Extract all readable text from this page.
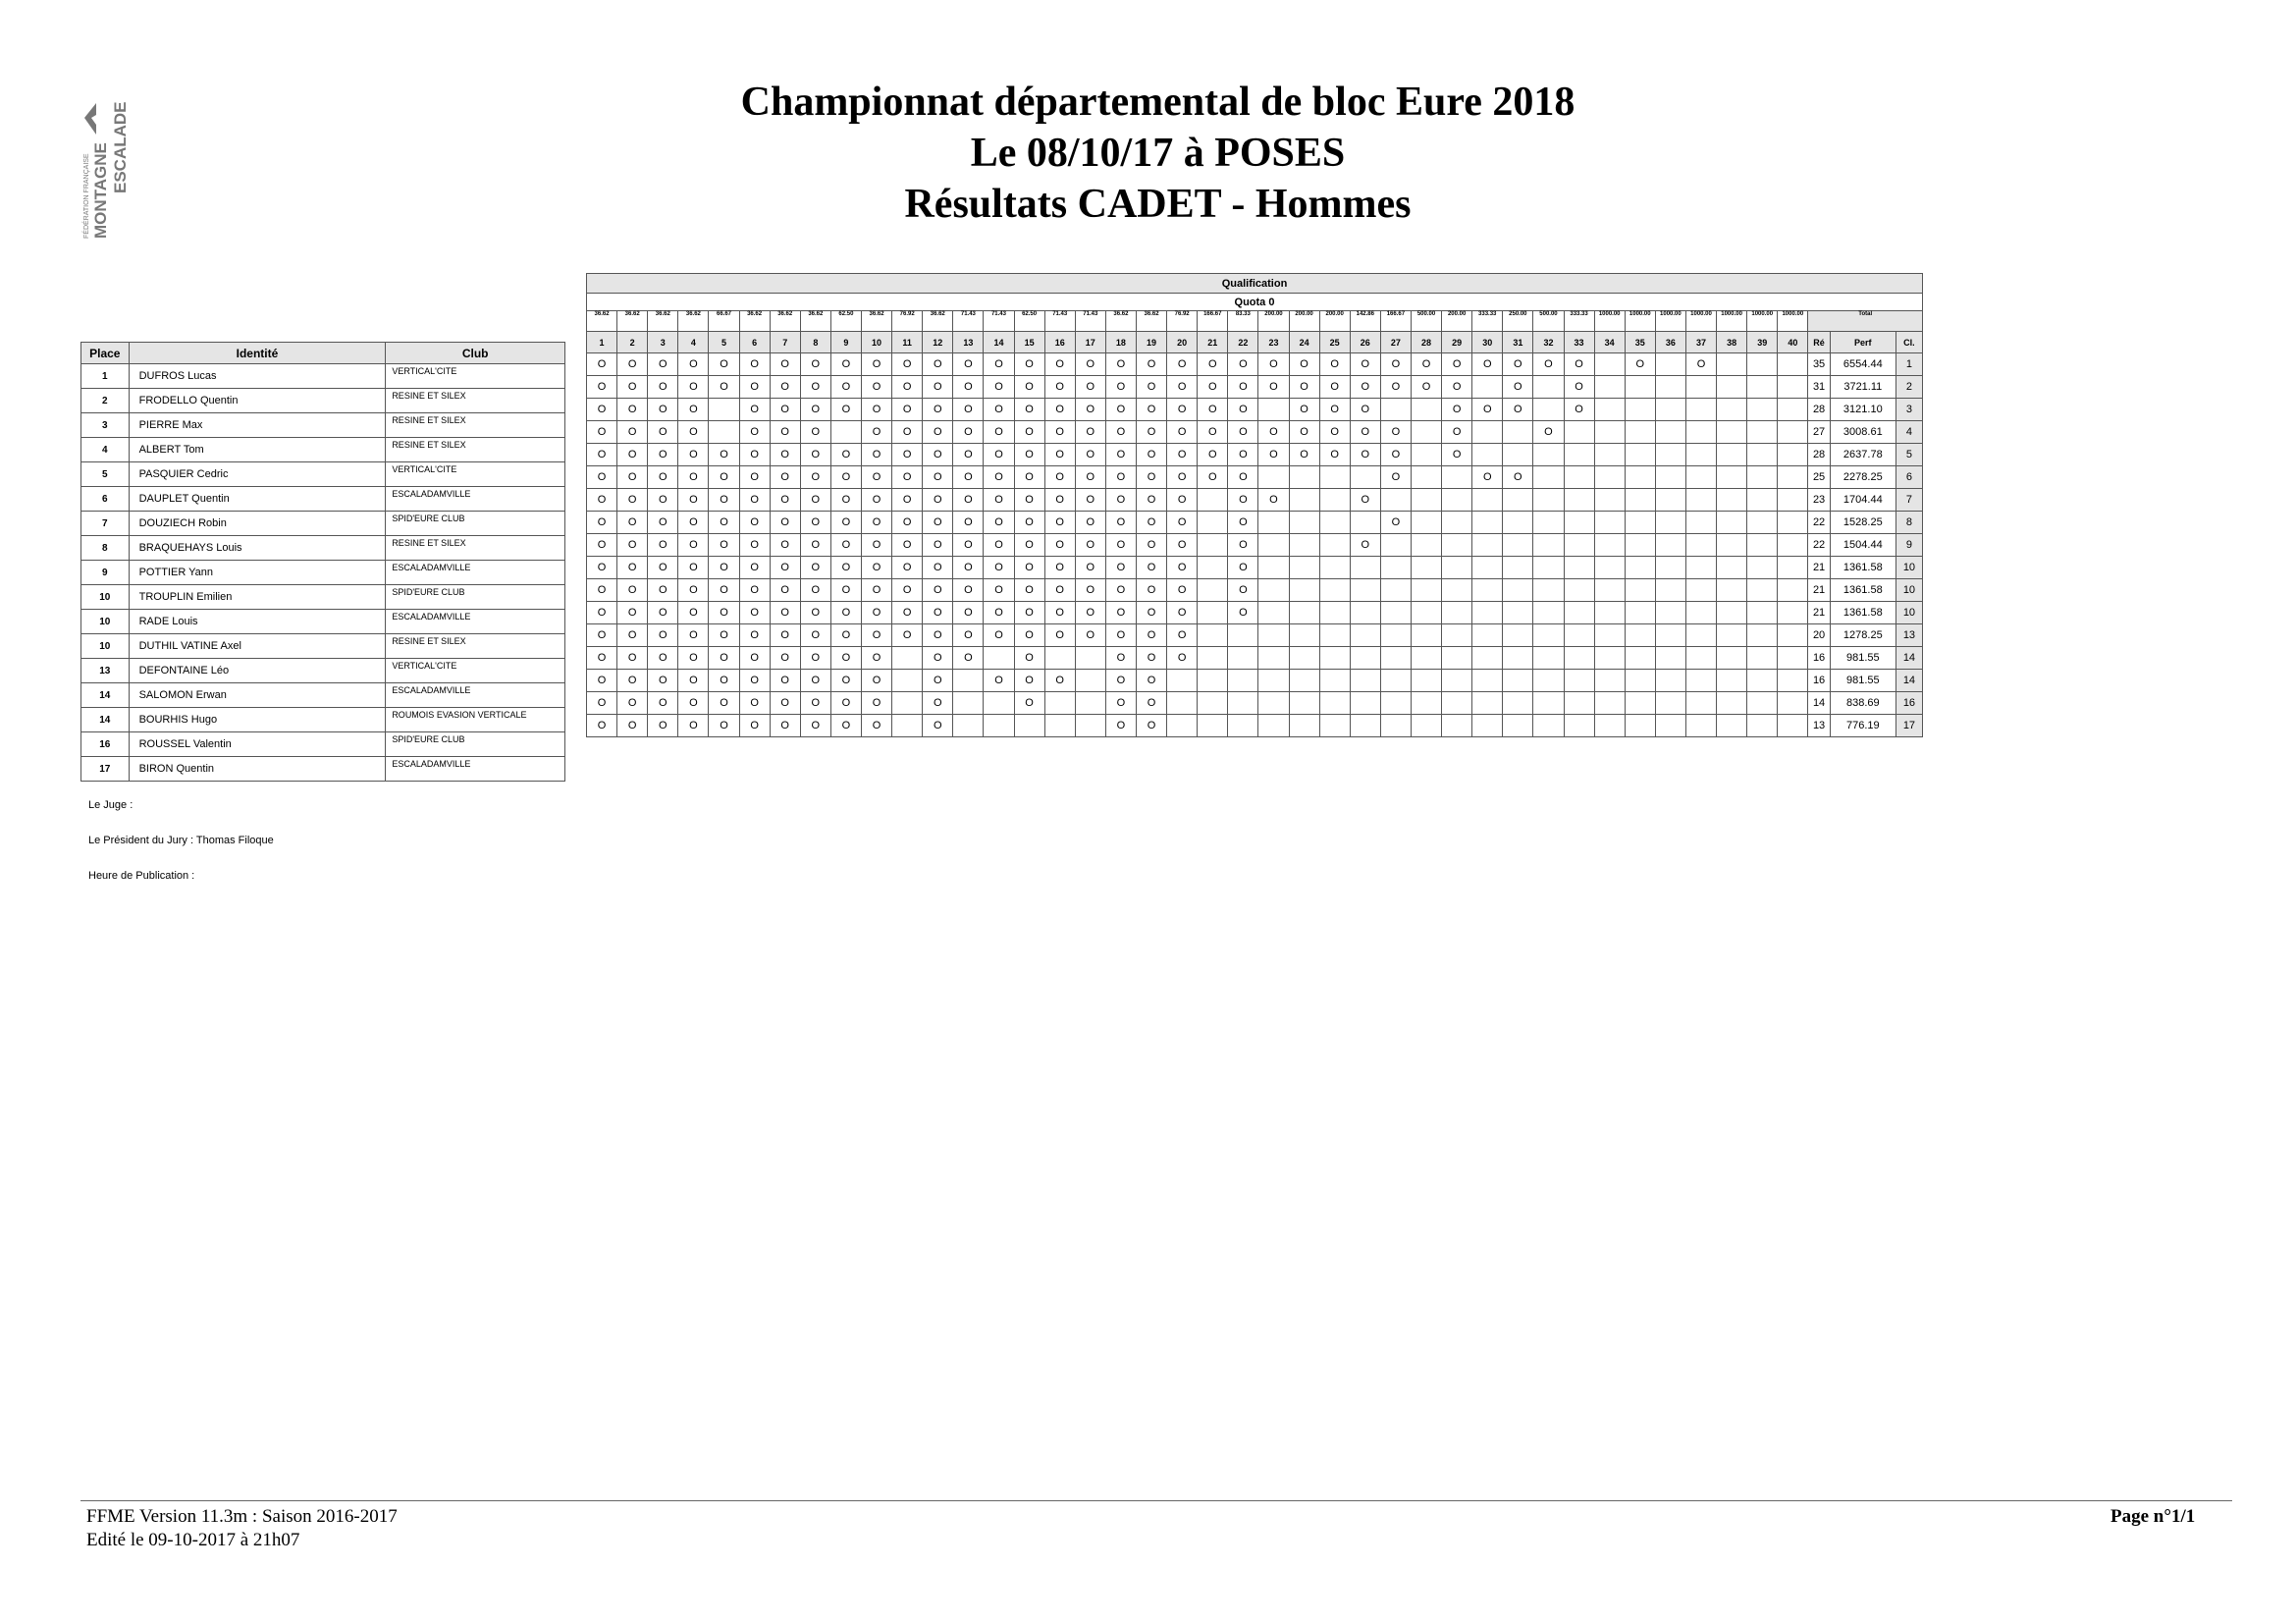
FÉDÉRATION FRANÇAISE MONTAGNE ESCALADE	Championnat départemental de bloc Eure 2018
Le 08/10/17 à POSES
Résultats CADET - Hommes
Place	Identité	Club
1	DUFROS Lucas	VERTICAL'CITE
2	FRODELLO Quentin	RESINE ET SILEX
3	PIERRE Max	RESINE ET SILEX
4	ALBERT Tom	RESINE ET SILEX
5	PASQUIER Cedric	VERTICAL'CITE
6	DAUPLET Quentin	ESCALADAMVILLE
7	DOUZIECH Robin	SPID'EURE CLUB
8	BRAQUEHAYS Louis	RESINE ET SILEX
9	POTTIER Yann	ESCALADAMVILLE
10	TROUPLIN Emilien	SPID'EURE CLUB
10	RADE Louis	ESCALADAMVILLE
10	DUTHIL VATINE Axel	RESINE ET SILEX
13	DEFONTAINE Léo	VERTICAL'CITE
14	SALOMON Erwan	ESCALADAMVILLE
14	BOURHIS Hugo	ROUMOIS EVASION VERTICALE
16	ROUSSEL Valentin	SPID'EURE CLUB
17	BIRON Quentin	ESCALADAMVILLE
Qualification																																										
Quota 0																																										
36.62	36.62	36.62	36.62	66.67	36.62	36.62	36.62	62.50	36.62	76.92	36.62	71.43	71.43	62.50	71.43	71.43	36.62	36.62	76.92	166.67	83.33	200.00	200.00	200.00	142.86	166.67	500.00	200.00	333.33	250.00	500.00	333.33	1000.00	1000.00	1000.00	1000.00	1000.00	1000.00	1000.00	Total		
1	2	3	4	5	6	7	8	9	10	11	12	13	14	15	16	17	18	19	20	21	22	23	24	25	26	27	28	29	30	31	32	33	34	35	36	37	38	39	40	Ré	Perf	Cl.
O	O	O	O	O	O	O	O	O	O	O	O	O	O	O	O	O	O	O	O	O	O	O	O	O	O	O	O	O	O	O	O	O		O		O				35	6554.44	1
O	O	O	O	O	O	O	O	O	O	O	O	O	O	O	O	O	O	O	O	O	O	O	O	O	O	O	O	O		O		O								31	3721.11	2
O	O	O	O		O	O	O	O	O	O	O	O	O	O	O	O	O	O	O	O	O		O	O	O			O	O	O		O								28	3121.10	3
O	O	O	O		O	O	O		O	O	O	O	O	O	O	O	O	O	O	O	O	O	O	O	O	O		O			O									27	3008.61	4
O	O	O	O	O	O	O	O	O	O	O	O	O	O	O	O	O	O	O	O	O	O	O	O	O	O	O		O												28	2637.78	5
O	O	O	O	O	O	O	O	O	O	O	O	O	O	O	O	O	O	O	O	O	O					O			O	O										25	2278.25	6
O	O	O	O	O	O	O	O	O	O	O	O	O	O	O	O	O	O	O	O		O	O			O															23	1704.44	7
O	O	O	O	O	O	O	O	O	O	O	O	O	O	O	O	O	O	O	O		O					O														22	1528.25	8
O	O	O	O	O	O	O	O	O	O	O	O	O	O	O	O	O	O	O	O		O				O															22	1504.44	9
O	O	O	O	O	O	O	O	O	O	O	O	O	O	O	O	O	O	O	O		O																			21	1361.58	10
O	O	O	O	O	O	O	O	O	O	O	O	O	O	O	O	O	O	O	O		O																			21	1361.58	10
O	O	O	O	O	O	O	O	O	O	O	O	O	O	O	O	O	O	O	O		O																			21	1361.58	10
O	O	O	O	O	O	O	O	O	O	O	O	O	O	O	O	O	O	O	O																					20	1278.25	13
O	O	O	O	O	O	O	O	O	O		O	O		O			O	O	O																					16	981.55	14
O	O	O	O	O	O	O	O	O	O		O		O	O	O		O	O																						16	981.55	14
O	O	O	O	O	O	O	O	O	O		O			O			O	O																						14	838.69	16
O	O	O	O	O	O	O	O	O	O		O						O	O																						13	776.19	17
Le Juge :
Le Président du Jury : Thomas Filoque
Heure de Publication :
FFME Version 11.3m : Saison 2016-2017
Edité le 09-10-2017 à 21h07
Page n°1/1
